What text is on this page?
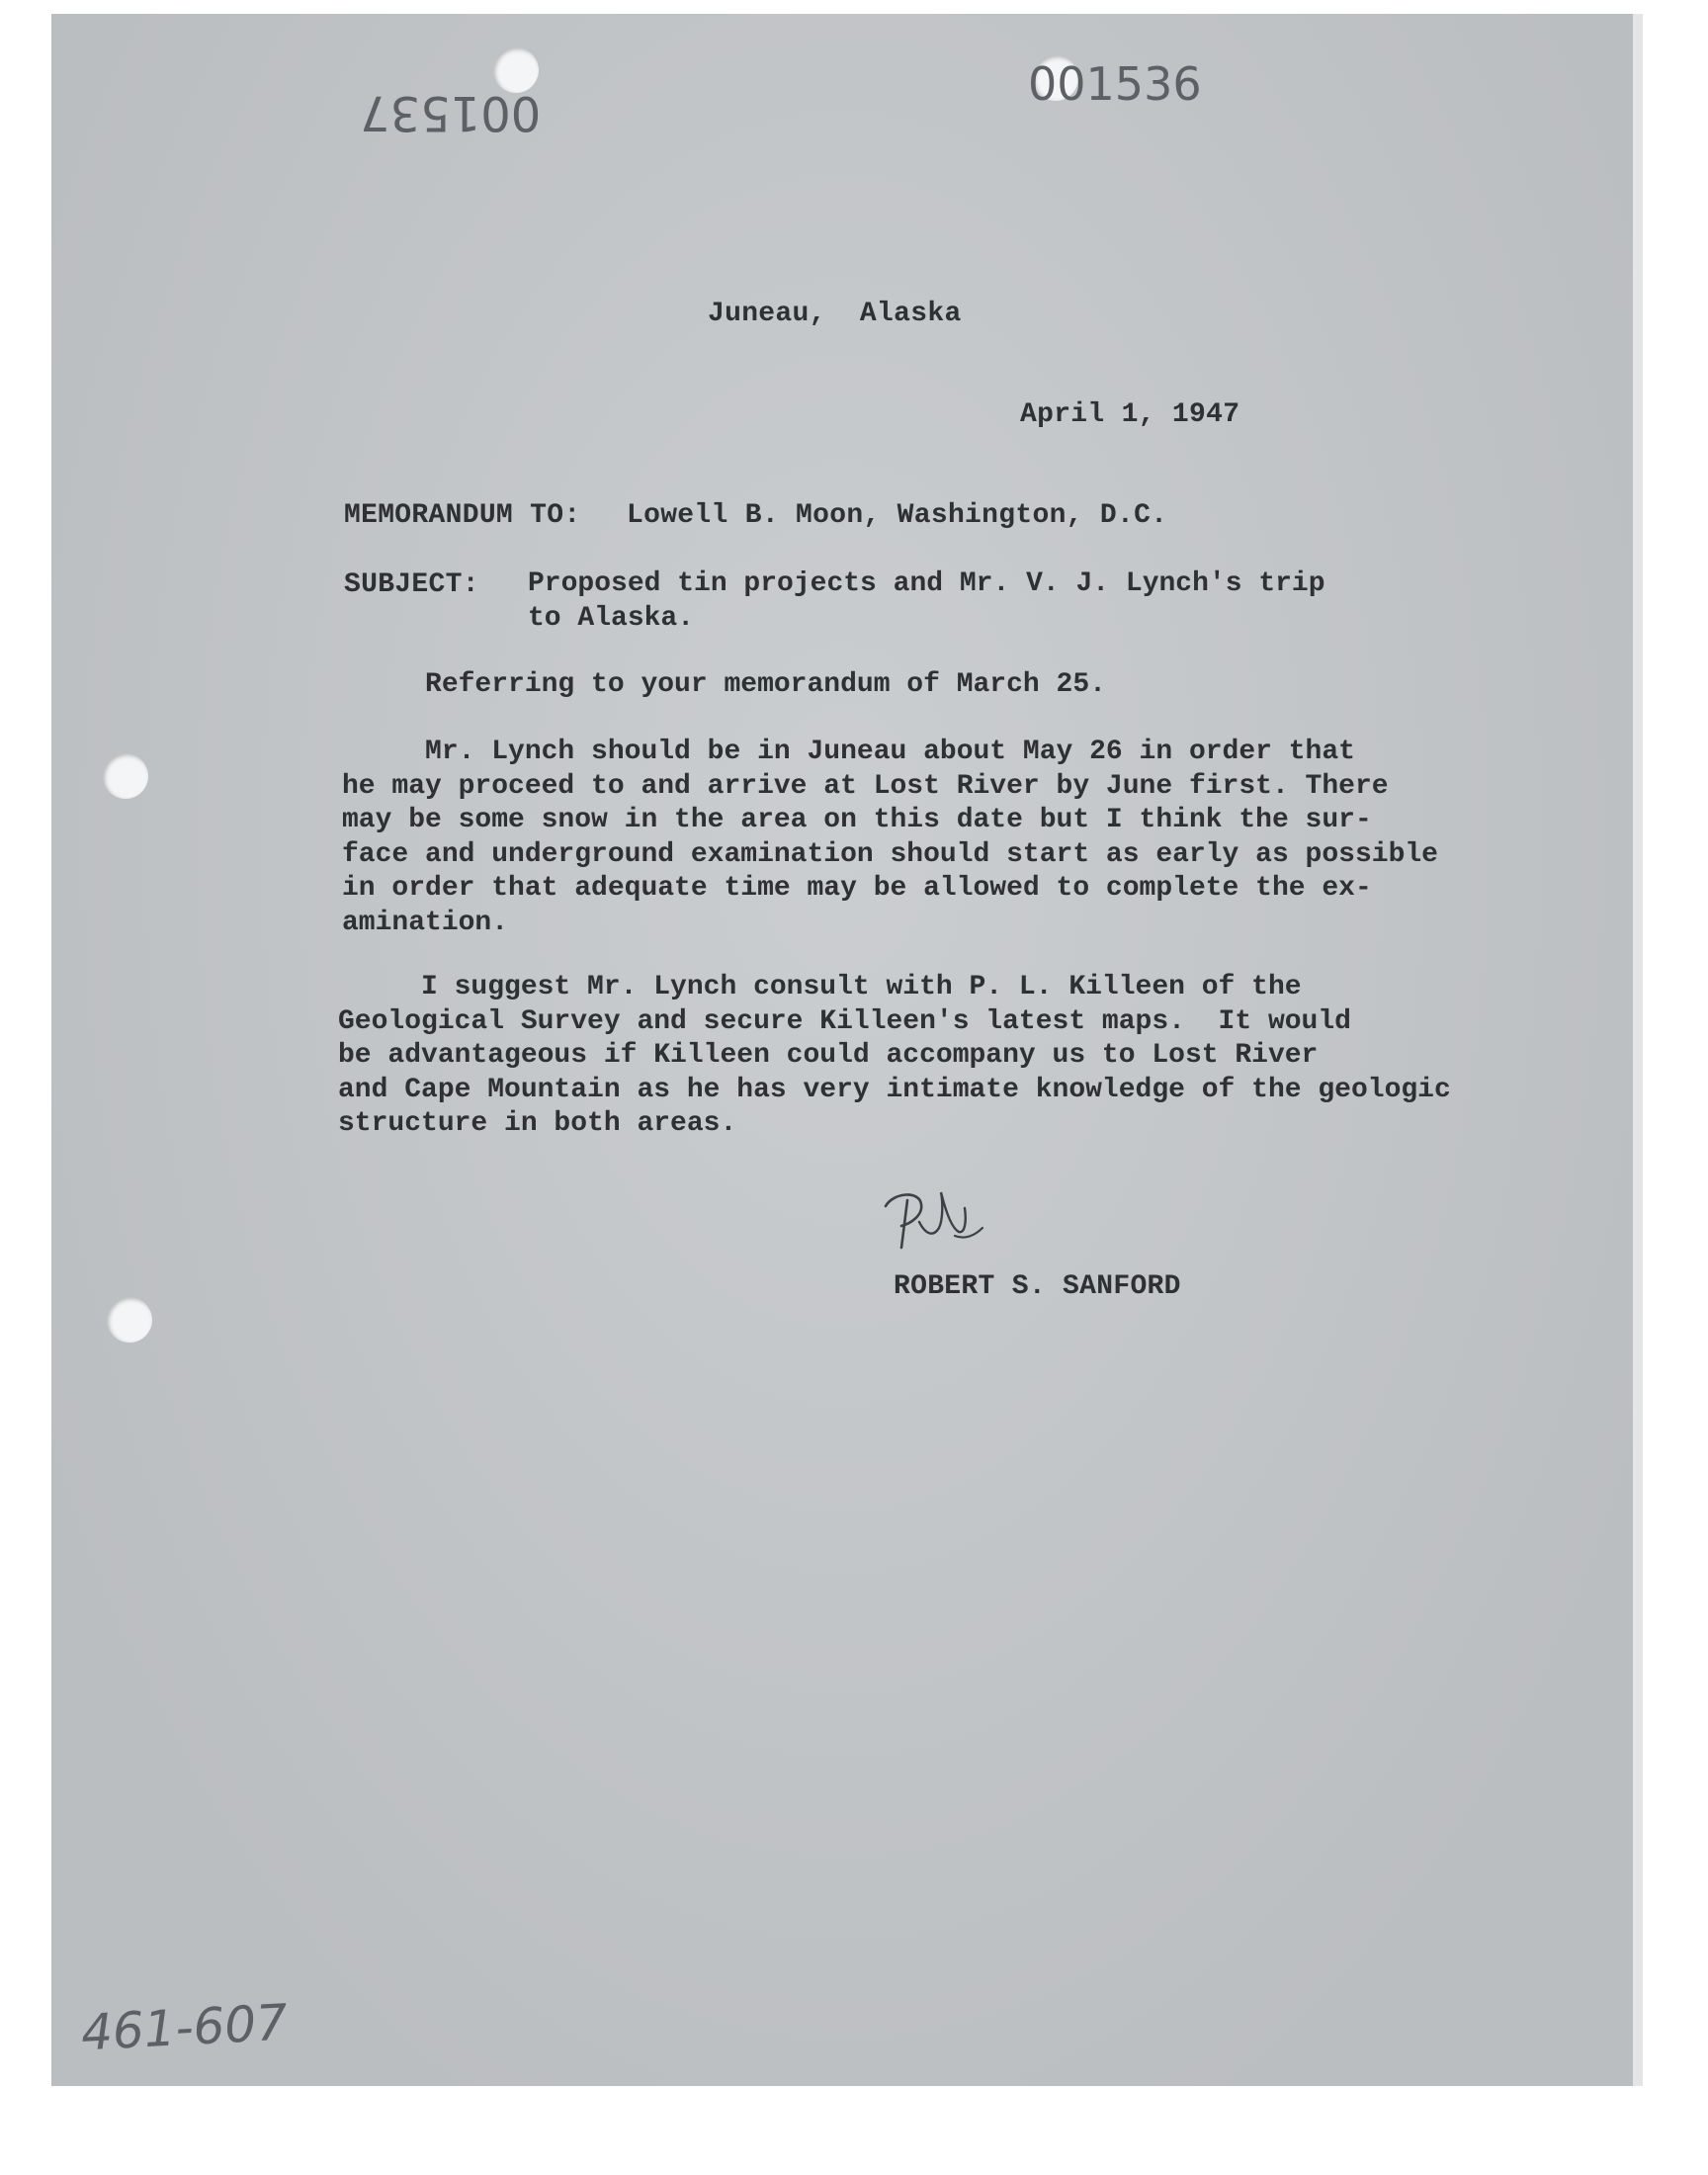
001537
001536
Juneau,  Alaska
April 1, 1947
MEMORANDUM TO: Lowell B. Moon, Washington, D.C.
SUBJECT: Proposed tin projects and Mr. V. J. Lynch's trip
to Alaska.
Referring to your memorandum of March 25.
Mr. Lynch should be in Juneau about May 26 in order that
he may proceed to and arrive at Lost River by June first. There
may be some snow in the area on this date but I think the sur-
face and underground examination should start as early as possible
in order that adequate time may be allowed to complete the ex-
amination.
I suggest Mr. Lynch consult with P. L. Killeen of the
Geological Survey and secure Killeen's latest maps.  It would
be advantageous if Killeen could accompany us to Lost River
and Cape Mountain as he has very intimate knowledge of the geologic
structure in both areas.
ROBERT S. SANFORD
461-607
